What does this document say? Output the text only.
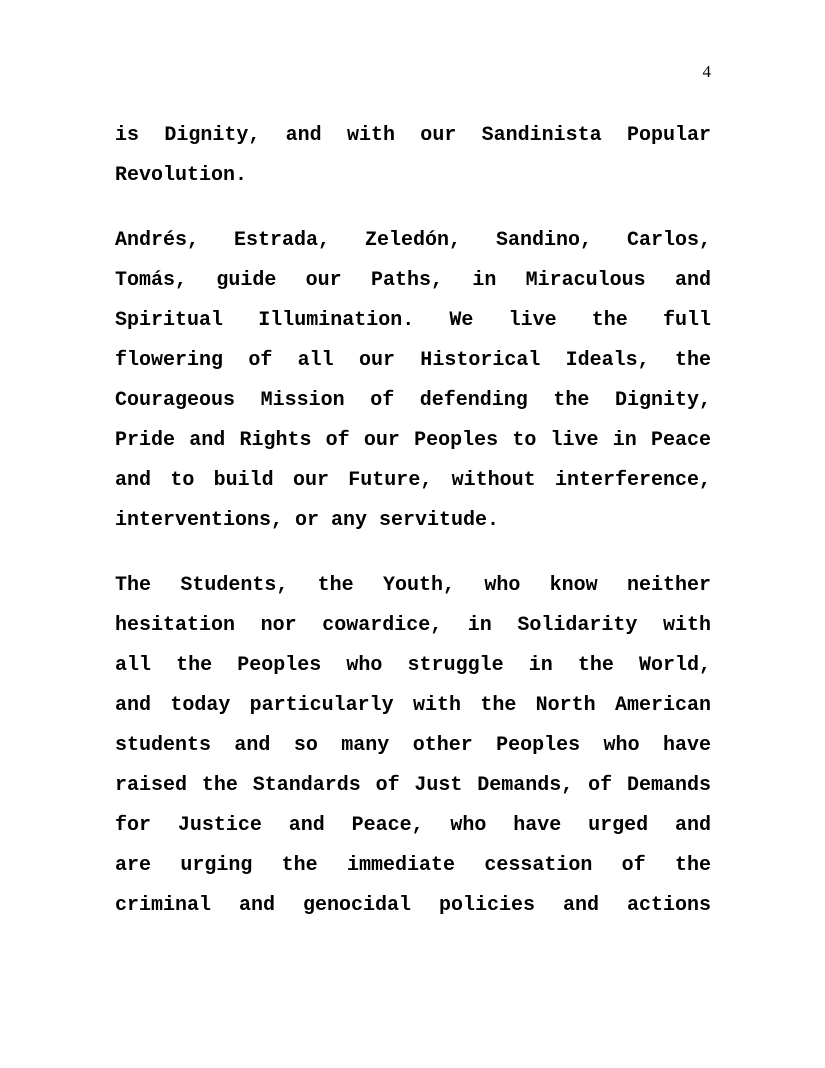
4
is Dignity, and with our Sandinista Popular
Revolution.
Andrés, Estrada, Zeledón, Sandino, Carlos,
Tomás, guide our Paths, in Miraculous and
Spiritual Illumination. We live the full
flowering of all our Historical Ideals, the
Courageous Mission of defending the Dignity,
Pride and Rights of our Peoples to live in Peace
and to build our Future, without interference,
interventions, or any servitude.
The Students, the Youth, who know neither
hesitation nor cowardice, in Solidarity with
all the Peoples who struggle in the World,
and today particularly with the North American
students and so many other Peoples who have
raised the Standards of Just Demands, of Demands
for Justice and Peace, who have urged and
are urging the immediate cessation of the
criminal and genocidal policies and actions
